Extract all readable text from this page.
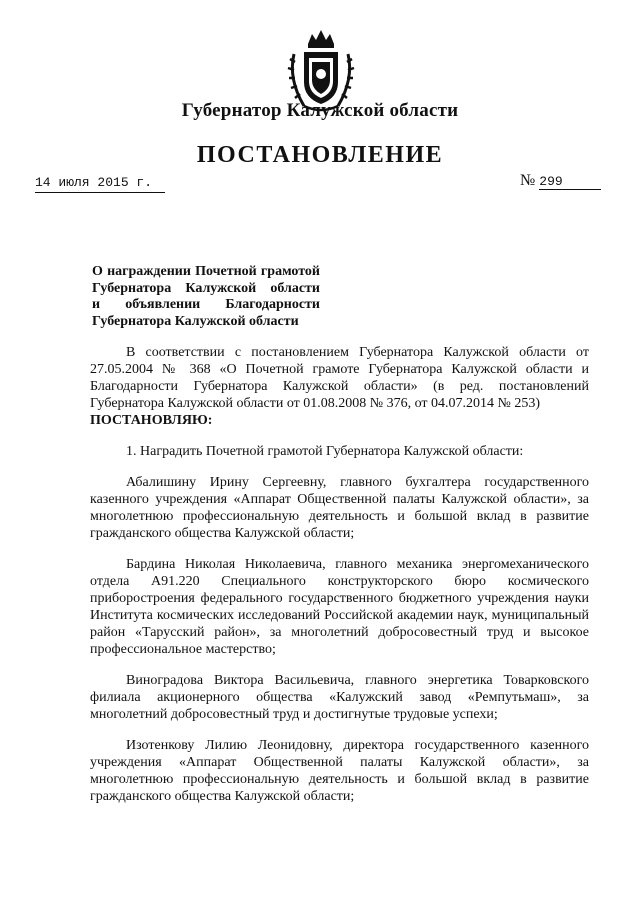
Губернатор Калужской области
ПОСТАНОВЛЕНИЕ
14 июля 2015 г.	№ 299
О награждении Почетной грамотой
Губернатора Калужской области
и объявлении Благодарности
Губернатора Калужской области

В соответствии с постановлением Губернатора Калужской области от 27.05.2004 № 368 «О Почетной грамоте Губернатора Калужской области и Благодарности Губернатора Калужской области» (в ред. постановлений Губернатора Калужской области от 01.08.2008 № 376, от 04.07.2014 № 253)

ПОСТАНОВЛЯЮ:

1. Наградить Почетной грамотой Губернатора Калужской области:

Абалишину Ирину Сергеевну, главного бухгалтера государственного казенного учреждения «Аппарат Общественной палаты Калужской области», за многолетнюю профессиональную деятельность и большой вклад в развитие гражданского общества Калужской области;

Бардина Николая Николаевича, главного механика энергомеханического отдела А91.220 Специального конструкторского бюро космического приборостроения федерального государственного бюджетного учреждения науки Института космических исследований Российской академии наук, муниципальный район «Тарусский район», за многолетний добросовестный труд и высокое профессиональное мастерство;

Виноградова Виктора Васильевича, главного энергетика Товарковского филиала акционерного общества «Калужский завод «Ремпутьмаш», за многолетний добросовестный труд и достигнутые трудовые успехи;

Изотенкову Лилию Леонидовну, директора государственного казенного учреждения «Аппарат Общественной палаты Калужской области», за многолетнюю профессиональную деятельность и большой вклад в развитие гражданского общества Калужской области;
